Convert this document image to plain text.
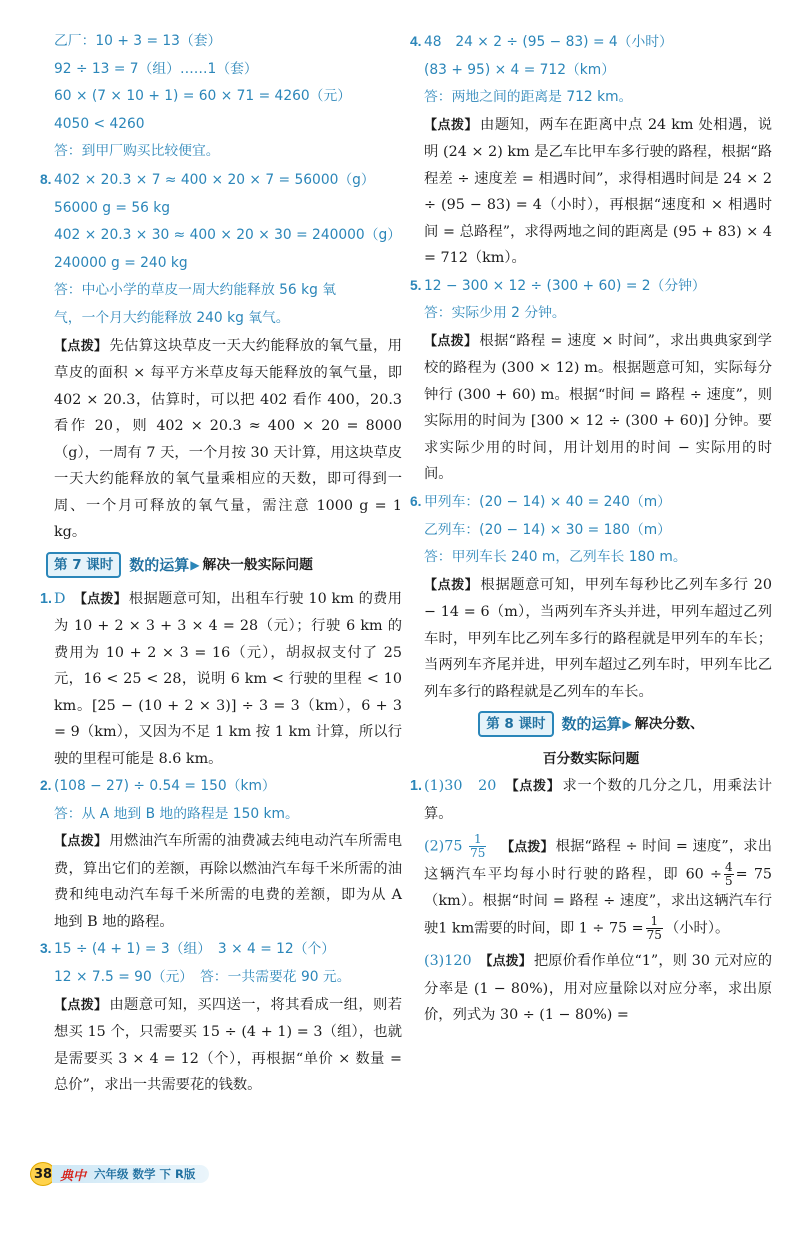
乙厂：10 + 3 = 13（套）

92 ÷ 13 = 7（组）……1（套）

60 × (7 × 10 + 1) = 60 × 71 = 4260（元）

4050 < 4260

答：到甲厂购买比较便宜。

8. 402 × 20.3 × 7 ≈ 400 × 20 × 7 = 56000（g）

56000 g = 56 kg

402 × 20.3 × 30 ≈ 400 × 20 × 30 = 240000（g）

240000 g = 240 kg

答：中心小学的草皮一周大约能释放 56 kg 氧

气，一个月大约能释放 240 kg 氧气。

【点拨】 先估算这块草皮一天大约能释放的氧气量，用草皮的面积 × 每平方米草皮每天能释放的氧气量，即 402 × 20.3，估算时，可以把 402 看作 400，20.3 看作 20，则 402 × 20.3 ≈ 400 × 20 = 8000（g），一周有 7 天，一个月按 30 天计算，用这块草皮一天大约能释放的氧气量乘相应的天数，即可得到一周、一个月可释放的氧气量，需注意 1000 g = 1 kg。

第 7 课时	数的运算 ▶ 解决一般实际问题

1. D　 【点拨】 根据题意可知，出租车行驶 10 km 的费用为 10 + 2 × 3 + 3 × 4 = 28（元）；行驶 6 km 的费用为 10 + 2 × 3 = 16（元），胡叔叔支付了 25 元，16 < 25 < 28，说明 6 km < 行驶的里程 < 10 km。[25 − (10 + 2 × 3)] ÷ 3 = 3（km），6 + 3 = 9（km），又因为不足 1 km 按 1 km 计算，所以行驶的里程可能是 8.6 km。

2. (108 − 27) ÷ 0.54 = 150（km）

答：从 A 地到 B 地的路程是 150 km。

【点拨】 用燃油汽车所需的油费减去纯电动汽车所需电费，算出它们的差额，再除以燃油汽车每千米所需的油费和纯电动汽车每千米所需的电费的差额，即为从 A 地到 B 地的路程。

3. 15 ÷ (4 + 1) = 3（组）　3 × 4 = 12（个）

12 × 7.5 = 90（元）　答：一共需要花 90 元。

【点拨】 由题意可知，买四送一，将其看成一组，则若想买 15 个，只需要买 15 ÷ (4 + 1) = 3（组），也就是需要买 3 × 4 = 12（个），再根据“单价 × 数量 = 总价”，求出一共需要花的钱数。

4. 48　24 × 2 ÷ (95 − 83) = 4（小时）

(83 + 95) × 4 = 712（km）

答：两地之间的距离是 712 km。

【点拨】 由题知，两车在距离中点 24 km 处相遇，说明 (24 × 2) km 是乙车比甲车多行驶的路程，根据“路程差 ÷ 速度差 = 相遇时间”，求得相遇时间是 24 × 2 ÷ (95 − 83) = 4（小时），再根据“速度和 × 相遇时间 = 总路程”，求得两地之间的距离是 (95 + 83) × 4 = 712（km）。

5. 12 − 300 × 12 ÷ (300 + 60) = 2（分钟）

答：实际少用 2 分钟。

【点拨】 根据“路程 = 速度 × 时间”，求出典典家到学校的路程为 (300 × 12) m。根据题意可知，实际每分钟行 (300 + 60) m。根据“时间 = 路程 ÷ 速度”，则实际用的时间为 [300 × 12 ÷ (300 + 60)] 分钟。要求实际少用的时间，用计划用的时间 − 实际用的时间。

6. 甲列车：(20 − 14) × 40 = 240（m）

乙列车：(20 − 14) × 30 = 180（m）

答：甲列车长 240 m，乙列车长 180 m。

【点拨】 根据题意可知，甲列车每秒比乙列车多行 20 − 14 = 6（m），当两列车齐头并进，甲列车超过乙列车时，甲列车比乙列车多行的路程就是甲列车的车长；当两列车齐尾并进，甲列车超过乙列车时，甲列车比乙列车多行的路程就是乙列车的车长。

第 8 课时	数的运算 ▶ 解决分数、

百分数实际问题

1. (1)30　20　 【点拨】 求一个数的几分之几，用乘法计算。

$(2)75 \frac{1}{75}$
　 【点拨】 根据“路程 ÷ 时间 = 速度”，求出这辆汽车平均每小时行驶的路程，即 $60 \div \frac{4}{5} = 75(km)$。根据“时间 = 路程 ÷ 速度”，求出这辆汽车行驶1 km需要的时间，即 $1 \div 75 = \frac{1}{75}$ （小时）。

(3)120　 【点拨】 把原价看作单位“1”，则 30 元对应的分率是 (1 − 80%)，用对应量除以对应分率，求出原价，列式为 30 ÷ (1 − 80%) =

38 典中 六年级 数学 下 R版
